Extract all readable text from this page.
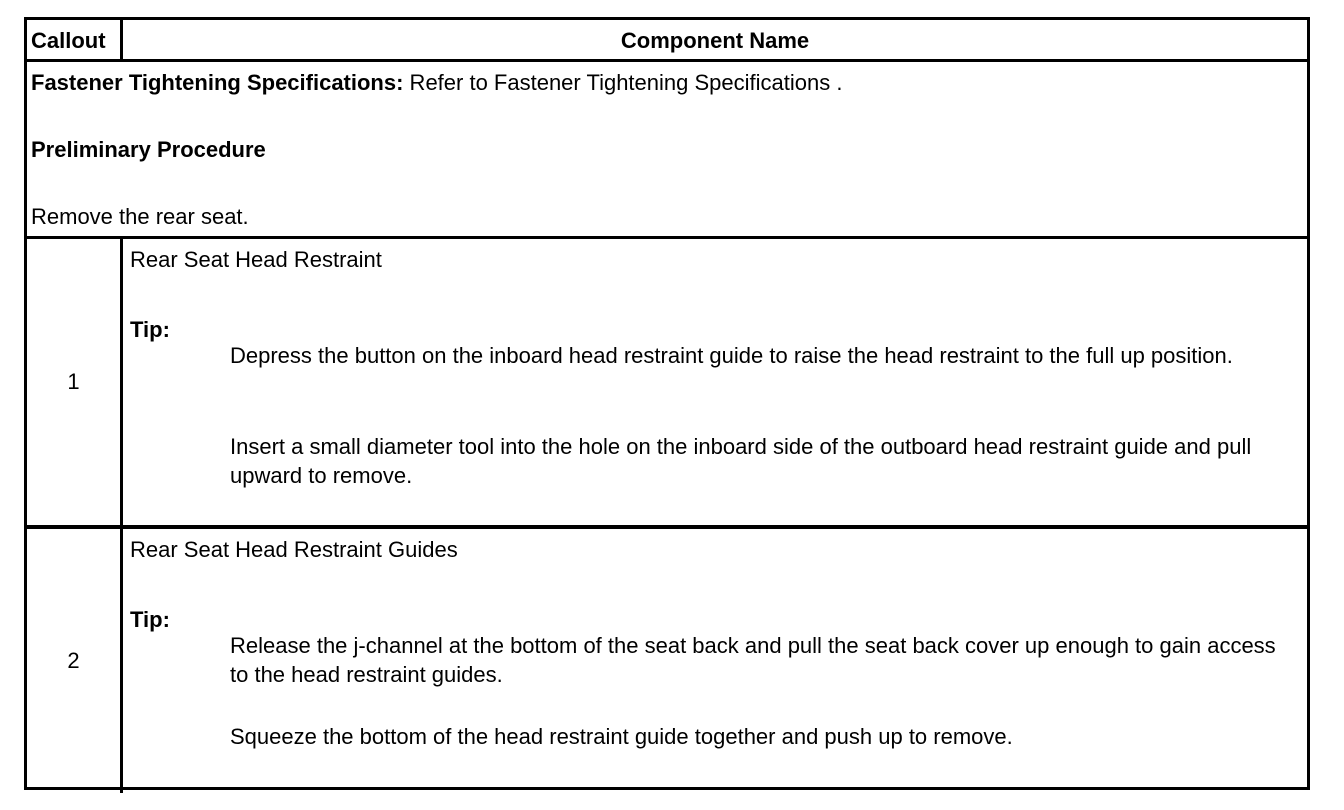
Callout	Component Name
Fastener Tightening Specifications: Refer to Fastener Tightening Specifications .
Preliminary Procedure
Remove the rear seat.
1
Rear Seat Head Restraint
Tip:
Depress the button on the inboard head restraint guide to raise the head restraint to the full up position.
Insert a small diameter tool into the hole on the inboard side of the outboard head restraint guide and pull upward to remove.
2
Rear Seat Head Restraint Guides
Tip:
Release the j-channel at the bottom of the seat back and pull the seat back cover up enough to gain access to the head restraint guides.
Squeeze the bottom of the head restraint guide together and push up to remove.
